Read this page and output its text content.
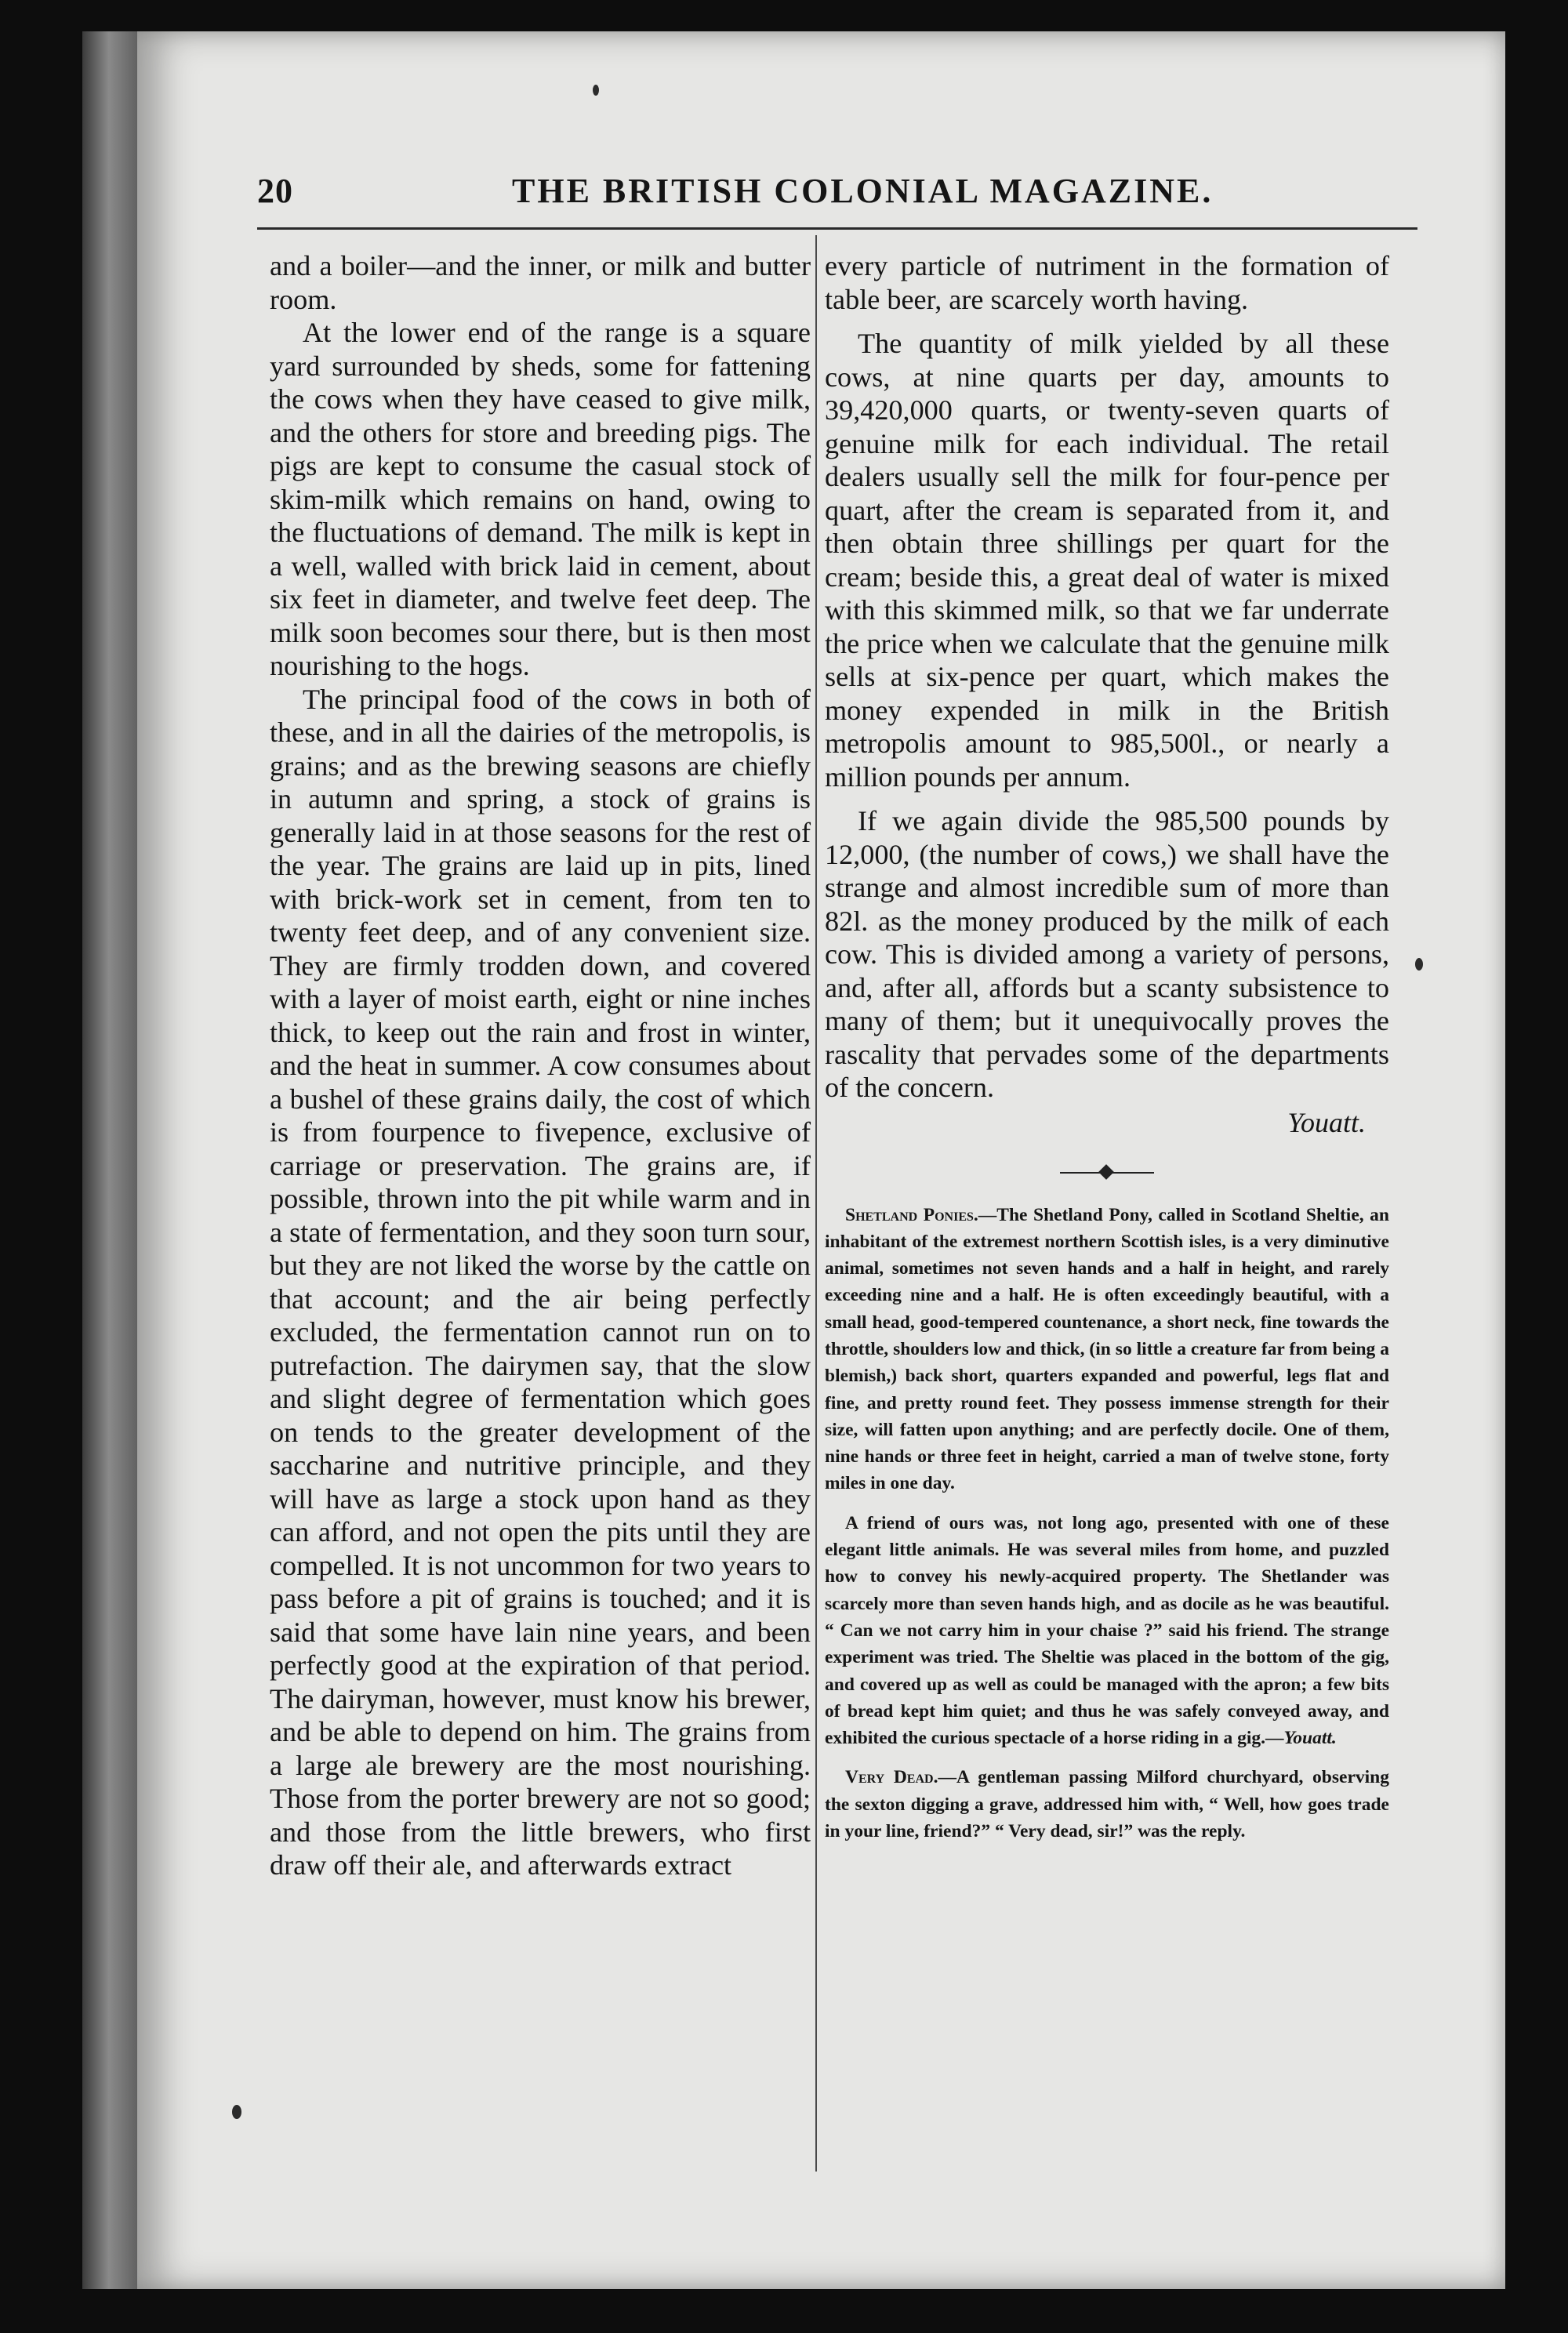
20	THE BRITISH COLONIAL MAGAZINE.

and a boiler—and the inner, or milk and butter room.

At the lower end of the range is a square yard surrounded by sheds, some for fattening the cows when they have ceased to give milk, and the others for store and breeding pigs. The pigs are kept to consume the casual stock of skim-milk which remains on hand, owing to the fluctuations of demand. The milk is kept in a well, walled with brick laid in cement, about six feet in diameter, and twelve feet deep. The milk soon becomes sour there, but is then most nourishing to the hogs.

The principal food of the cows in both of these, and in all the dairies of the metropolis, is grains; and as the brewing seasons are chiefly in autumn and spring, a stock of grains is generally laid in at those seasons for the rest of the year. The grains are laid up in pits, lined with brick-work set in cement, from ten to twenty feet deep, and of any convenient size. They are firmly trodden down, and covered with a layer of moist earth, eight or nine inches thick, to keep out the rain and frost in winter, and the heat in summer. A cow consumes about a bushel of these grains daily, the cost of which is from fourpence to fivepence, exclusive of carriage or preservation. The grains are, if possible, thrown into the pit while warm and in a state of fermentation, and they soon turn sour, but they are not liked the worse by the cattle on that account; and the air being perfectly excluded, the fermentation cannot run on to putrefaction. The dairymen say, that the slow and slight degree of fermentation which goes on tends to the greater development of the saccharine and nutritive principle, and they will have as large a stock upon hand as they can afford, and not open the pits until they are compelled. It is not uncommon for two years to pass before a pit of grains is touched; and it is said that some have lain nine years, and been perfectly good at the expiration of that period. The dairyman, however, must know his brewer, and be able to depend on him. The grains from a large ale brewery are the most nourishing. Those from the porter brewery are not so good; and those from the little brewers, who first draw off their ale, and afterwards extract

every particle of nutriment in the formation of table beer, are scarcely worth having.

The quantity of milk yielded by all these cows, at nine quarts per day, amounts to 39,420,000 quarts, or twenty-seven quarts of genuine milk for each individual. The retail dealers usually sell the milk for four-pence per quart, after the cream is separated from it, and then obtain three shillings per quart for the cream; beside this, a great deal of water is mixed with this skimmed milk, so that we far underrate the price when we calculate that the genuine milk sells at six-pence per quart, which makes the money expended in milk in the British metropolis amount to 985,500l., or nearly a million pounds per annum.

If we again divide the 985,500 pounds by 12,000, (the number of cows,) we shall have the strange and almost incredible sum of more than 82l. as the money produced by the milk of each cow. This is divided among a variety of persons, and, after all, affords but a scanty subsistence to many of them; but it unequivocally proves the rascality that pervades some of the departments of the concern.

Youatt.

Shetland Ponies.—The Shetland Pony, called in Scotland Sheltie, an inhabitant of the extremest northern Scottish isles, is a very diminutive animal, sometimes not seven hands and a half in height, and rarely exceeding nine and a half. He is often exceedingly beautiful, with a small head, good-tempered countenance, a short neck, fine towards the throttle, shoulders low and thick, (in so little a creature far from being a blemish,) back short, quarters expanded and powerful, legs flat and fine, and pretty round feet. They possess immense strength for their size, will fatten upon anything; and are perfectly docile. One of them, nine hands or three feet in height, carried a man of twelve stone, forty miles in one day.

A friend of ours was, not long ago, presented with one of these elegant little animals. He was several miles from home, and puzzled how to convey his newly-acquired property. The Shetlander was scarcely more than seven hands high, and as docile as he was beautiful. “ Can we not carry him in your chaise ?” said his friend. The strange experiment was tried. The Sheltie was placed in the bottom of the gig, and covered up as well as could be managed with the apron; a few bits of bread kept him quiet; and thus he was safely conveyed away, and exhibited the curious spectacle of a horse riding in a gig.—Youatt.

Very Dead.—A gentleman passing Milford churchyard, observing the sexton digging a grave, addressed him with, “ Well, how goes trade in your line, friend?” “ Very dead, sir!” was the reply.
